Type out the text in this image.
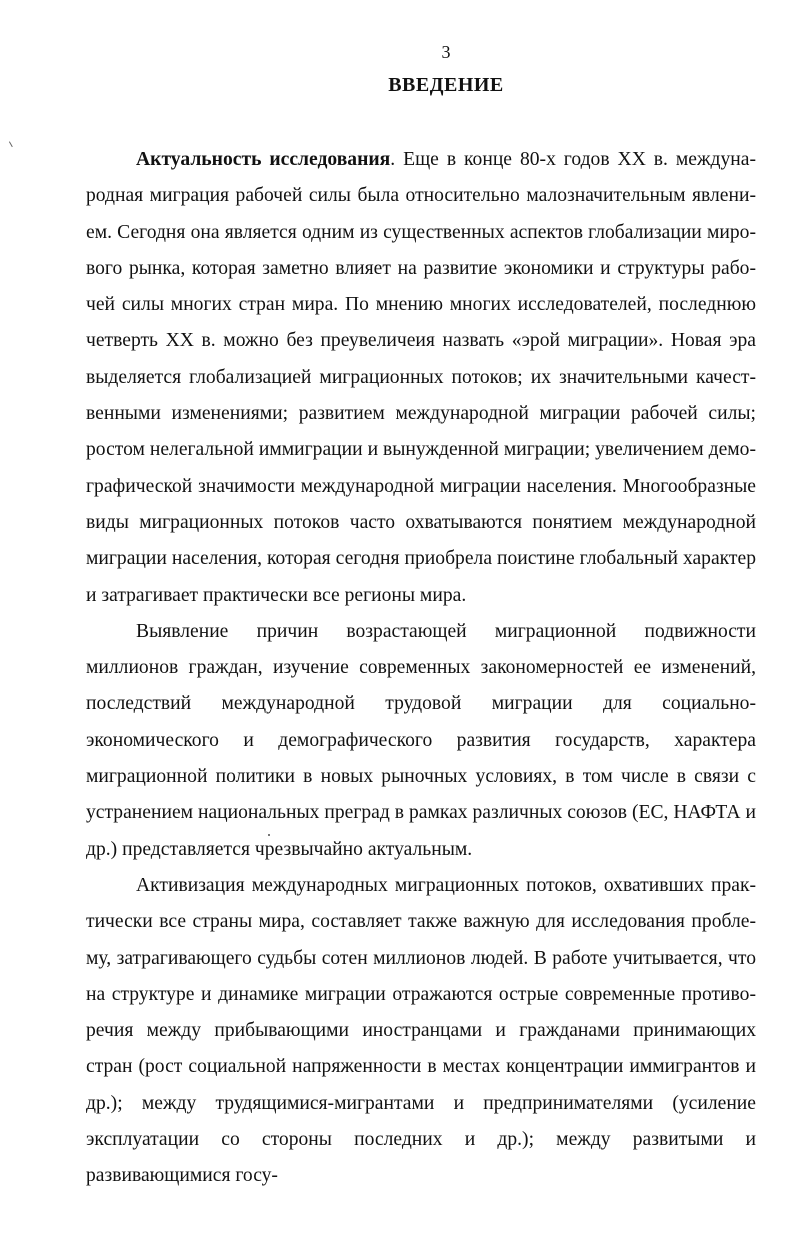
3
ВВЕДЕНИЕ

Актуальность исследования. Еще в конце 80-х годов XX в. международная миграция рабочей силы была относительно малозначительным явлением. Сегодня она является одним из существенных аспектов глобализации мирового рынка, которая заметно влияет на развитие экономики и структуры рабочей силы многих стран мира. По мнению многих исследователей, последнюю четверть XX в. можно без преувеличеия назвать «эрой миграции». Новая эра выделяется глобализацией миграционных потоков; их значительными качественными изменениями; развитием международной миграции рабочей силы; ростом нелегальной иммиграции и вынужденной миграции; увеличением демографической значимости международной миграции населения. Многообразные виды миграционных потоков часто охватываются понятием международной миграции населения, которая сегодня приобрела поистине глобальный характер и затрагивает практически все регионы мира.

Выявление причин возрастающей миграционной подвижности миллионов граждан, изучение современных закономерностей ее изменений, последствий международной трудовой миграции для социально-экономического и демографического развития государств, характера миграционной политики в новых рыночных условиях, в том числе в связи с устранением национальных преград в рамках различных союзов (ЕС, НАФТА и др.) представляется чрезвычайно актуальным.

Активизация международных миграционных потоков, охвативших практически все страны мира, составляет также важную для исследования проблему, затрагивающего судьбы сотен миллионов людей. В работе учитывается, что на структуре и динамике миграции отражаются острые современные противоречия между прибывающими иностранцами и гражданами принимающих стран (рост социальной напряженности в местах концентрации иммигрантов и др.); между трудящимися-мигрантами и предпринимателями (усиление эксплуатации со стороны последних и др.); между развитыми и развивающимися госу-
